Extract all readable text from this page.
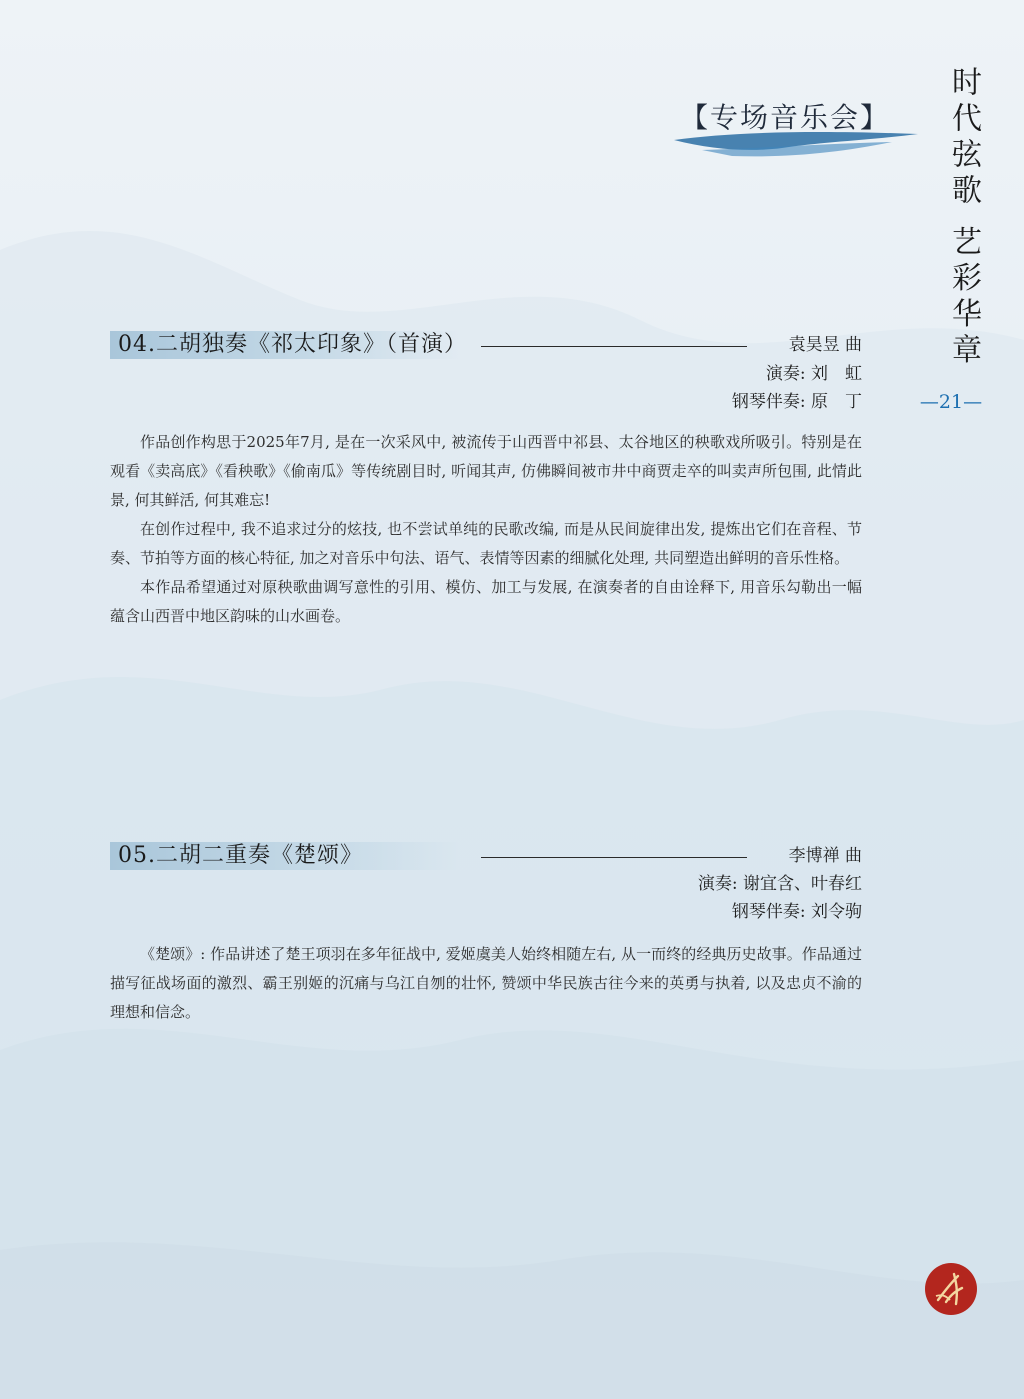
【专场音乐会】	时代弦歌 艺彩华章
—21—
04.二胡独奏《祁太印象》（首演）	袁昊昱 曲
演奏: 刘　虹
钢琴伴奏: 原　丁

作品创作构思于2025年7月, 是在一次采风中, 被流传于山西晋中祁县、太谷地区的秧歌戏所吸引。特别是在观看《卖高底》《看秧歌》《偷南瓜》等传统剧目时, 听闻其声, 仿佛瞬间被市井中商贾走卒的叫卖声所包围, 此情此景, 何其鲜活, 何其难忘!

在创作过程中, 我不追求过分的炫技, 也不尝试单纯的民歌改编, 而是从民间旋律出发, 提炼出它们在音程、节奏、节拍等方面的核心特征, 加之对音乐中句法、语气、表情等因素的细腻化处理, 共同塑造出鲜明的音乐性格。

本作品希望通过对原秧歌曲调写意性的引用、模仿、加工与发展, 在演奏者的自由诠释下, 用音乐勾勒出一幅蕴含山西晋中地区韵味的山水画卷。

05.二胡二重奏《楚颂》	李博禅 曲
演奏: 谢宜含、叶春红
钢琴伴奏: 刘令驹

《楚颂》: 作品讲述了楚王项羽在多年征战中, 爱姬虞美人始终相随左右, 从一而终的经典历史故事。作品通过描写征战场面的激烈、霸王别姬的沉痛与乌江自刎的壮怀, 赞颂中华民族古往今来的英勇与执着, 以及忠贞不渝的理想和信念。
